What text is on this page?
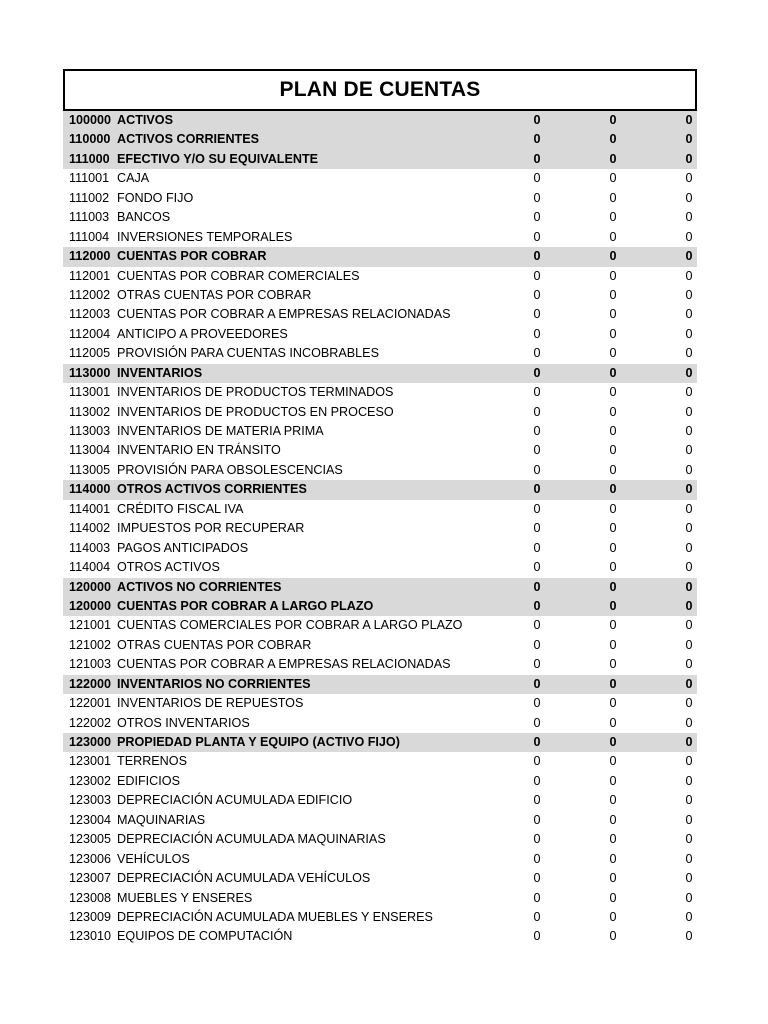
PLAN DE CUENTAS
100000 ACTIVOS	0	0	0
110000 ACTIVOS CORRIENTES	0	0	0
111000 EFECTIVO Y/O SU EQUIVALENTE	0	0	0
111001 CAJA	0	0	0
111002 FONDO FIJO	0	0	0
111003 BANCOS	0	0	0
111004 INVERSIONES TEMPORALES	0	0	0
112000 CUENTAS POR COBRAR	0	0	0
112001 CUENTAS POR COBRAR COMERCIALES	0	0	0
112002 OTRAS CUENTAS POR COBRAR	0	0	0
112003 CUENTAS POR COBRAR A EMPRESAS RELACIONADAS	0	0	0
112004 ANTICIPO A PROVEEDORES	0	0	0
112005 PROVISIÓN PARA CUENTAS INCOBRABLES	0	0	0
113000 INVENTARIOS	0	0	0
113001 INVENTARIOS DE PRODUCTOS TERMINADOS	0	0	0
113002 INVENTARIOS DE PRODUCTOS EN PROCESO	0	0	0
113003 INVENTARIOS DE MATERIA PRIMA	0	0	0
113004 INVENTARIO EN TRÁNSITO	0	0	0
113005 PROVISIÓN PARA OBSOLESCENCIAS	0	0	0
114000 OTROS ACTIVOS CORRIENTES	0	0	0
114001 CRÉDITO FISCAL IVA	0	0	0
114002 IMPUESTOS POR RECUPERAR	0	0	0
114003 PAGOS ANTICIPADOS	0	0	0
114004 OTROS ACTIVOS	0	0	0
120000 ACTIVOS NO CORRIENTES	0	0	0
120000 CUENTAS POR COBRAR A LARGO PLAZO	0	0	0
121001 CUENTAS COMERCIALES POR COBRAR A LARGO PLAZO	0	0	0
121002 OTRAS CUENTAS POR COBRAR	0	0	0
121003 CUENTAS POR COBRAR A EMPRESAS RELACIONADAS	0	0	0
122000 INVENTARIOS NO CORRIENTES	0	0	0
122001 INVENTARIOS DE REPUESTOS	0	0	0
122002 OTROS INVENTARIOS	0	0	0
123000 PROPIEDAD PLANTA Y EQUIPO (ACTIVO FIJO)	0	0	0
123001 TERRENOS	0	0	0
123002 EDIFICIOS	0	0	0
123003 DEPRECIACIÓN ACUMULADA EDIFICIO	0	0	0
123004 MAQUINARIAS	0	0	0
123005 DEPRECIACIÓN ACUMULADA MAQUINARIAS	0	0	0
123006 VEHÍCULOS	0	0	0
123007 DEPRECIACIÓN ACUMULADA VEHÍCULOS	0	0	0
123008 MUEBLES Y ENSERES	0	0	0
123009 DEPRECIACIÓN ACUMULADA MUEBLES Y ENSERES	0	0	0
123010 EQUIPOS DE COMPUTACIÓN	0	0	0
